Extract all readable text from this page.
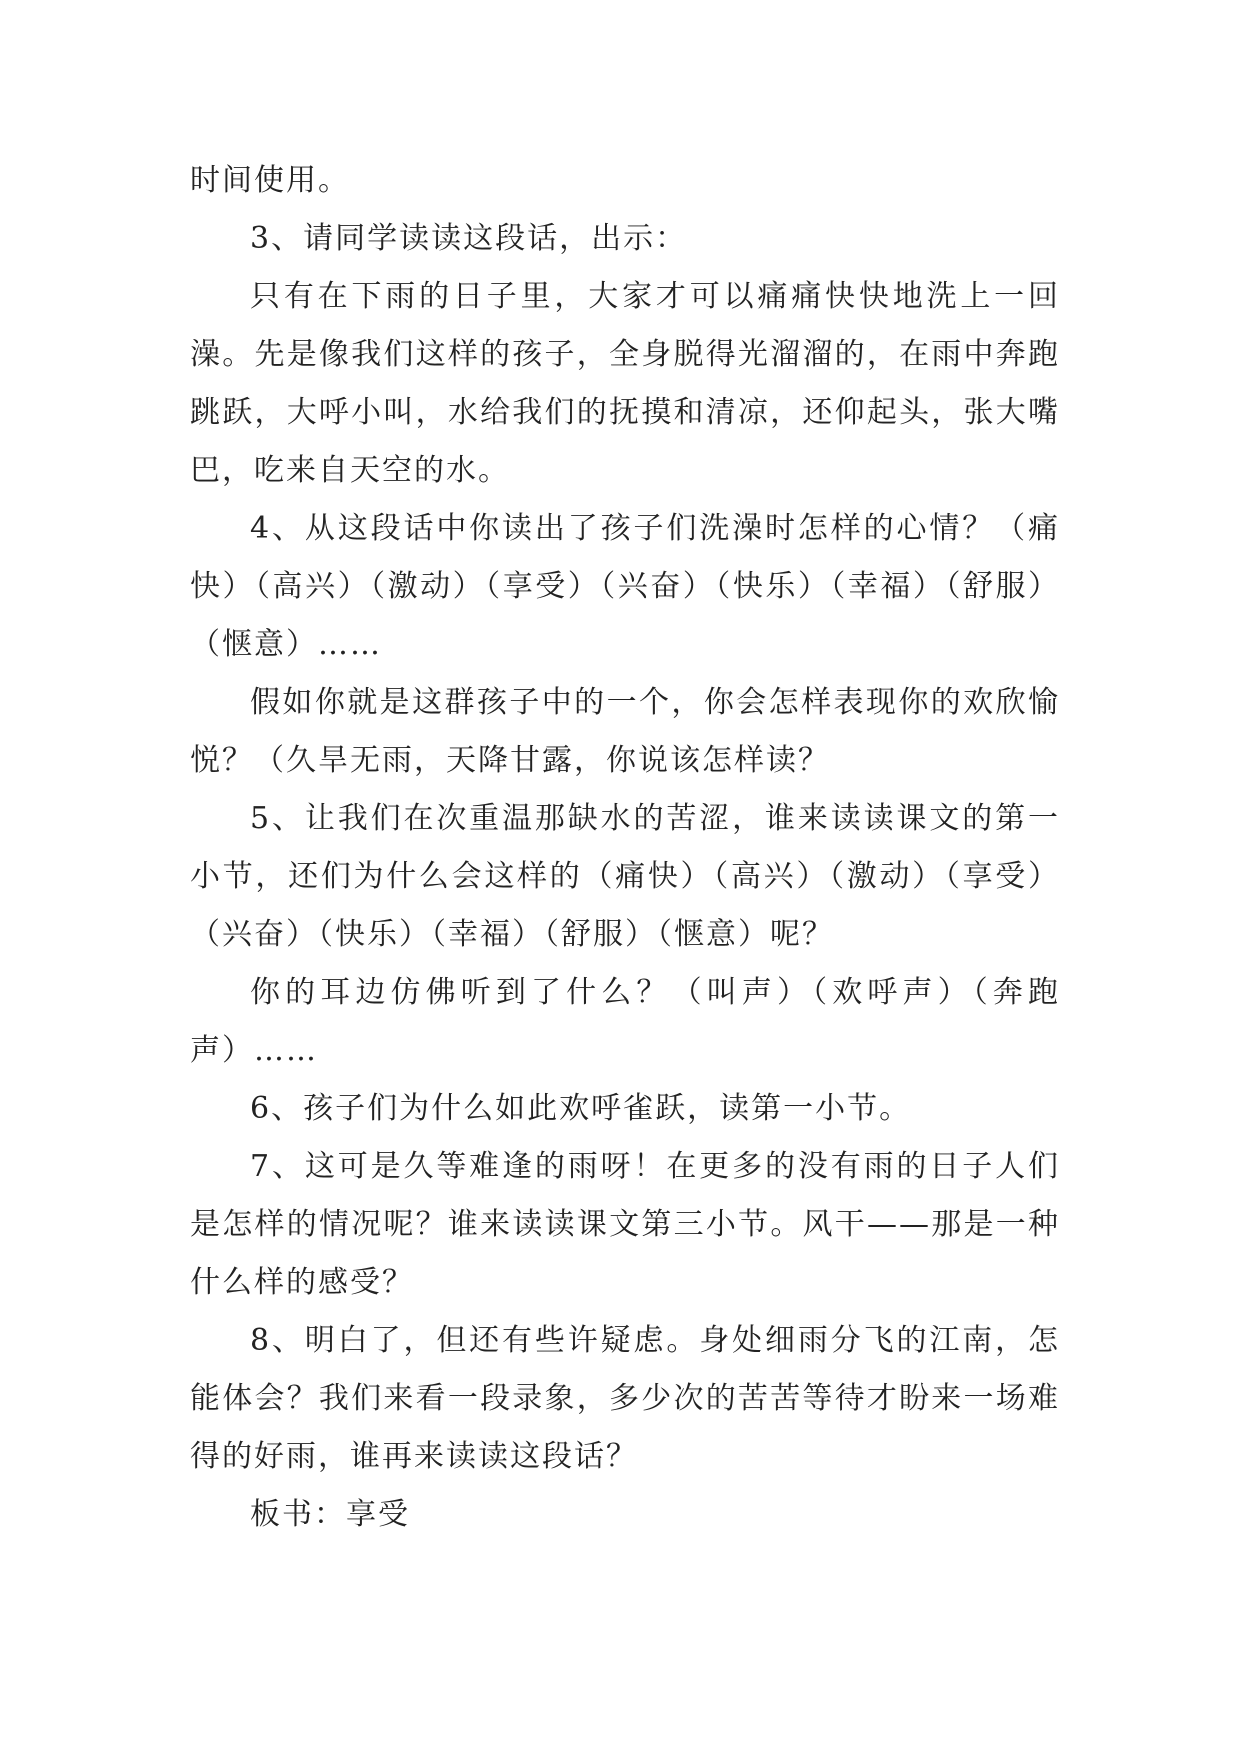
时间使用。

3、请同学读读这段话，出示：

只有在下雨的日子里，大家才可以痛痛快快地洗上一回澡。先是像我们这样的孩子，全身脱得光溜溜的，在雨中奔跑跳跃，大呼小叫，水给我们的抚摸和清凉，还仰起头，张大嘴巴，吃来自天空的水。

4、从这段话中你读出了孩子们洗澡时怎样的心情？（痛快）（高兴）（激动）（享受）（兴奋）（快乐）（幸福）（舒服）（惬意）……

假如你就是这群孩子中的一个，你会怎样表现你的欢欣愉悦？（久旱无雨，天降甘露，你说该怎样读？

5、让我们在次重温那缺水的苦涩，谁来读读课文的第一小节，还们为什么会这样的（痛快）（高兴）（激动）（享受）（兴奋）（快乐）（幸福）（舒服）（惬意）呢？

你的耳边仿佛听到了什么？（叫声）（欢呼声）（奔跑声）……

6、孩子们为什么如此欢呼雀跃，读第一小节。

7、这可是久等难逢的雨呀！在更多的没有雨的日子人们是怎样的情况呢？谁来读读课文第三小节。风干——那是一种什么样的感受？

8、明白了，但还有些许疑虑。身处细雨分飞的江南，怎能体会？我们来看一段录象，多少次的苦苦等待才盼来一场难得的好雨，谁再来读读这段话？

板书：享受
